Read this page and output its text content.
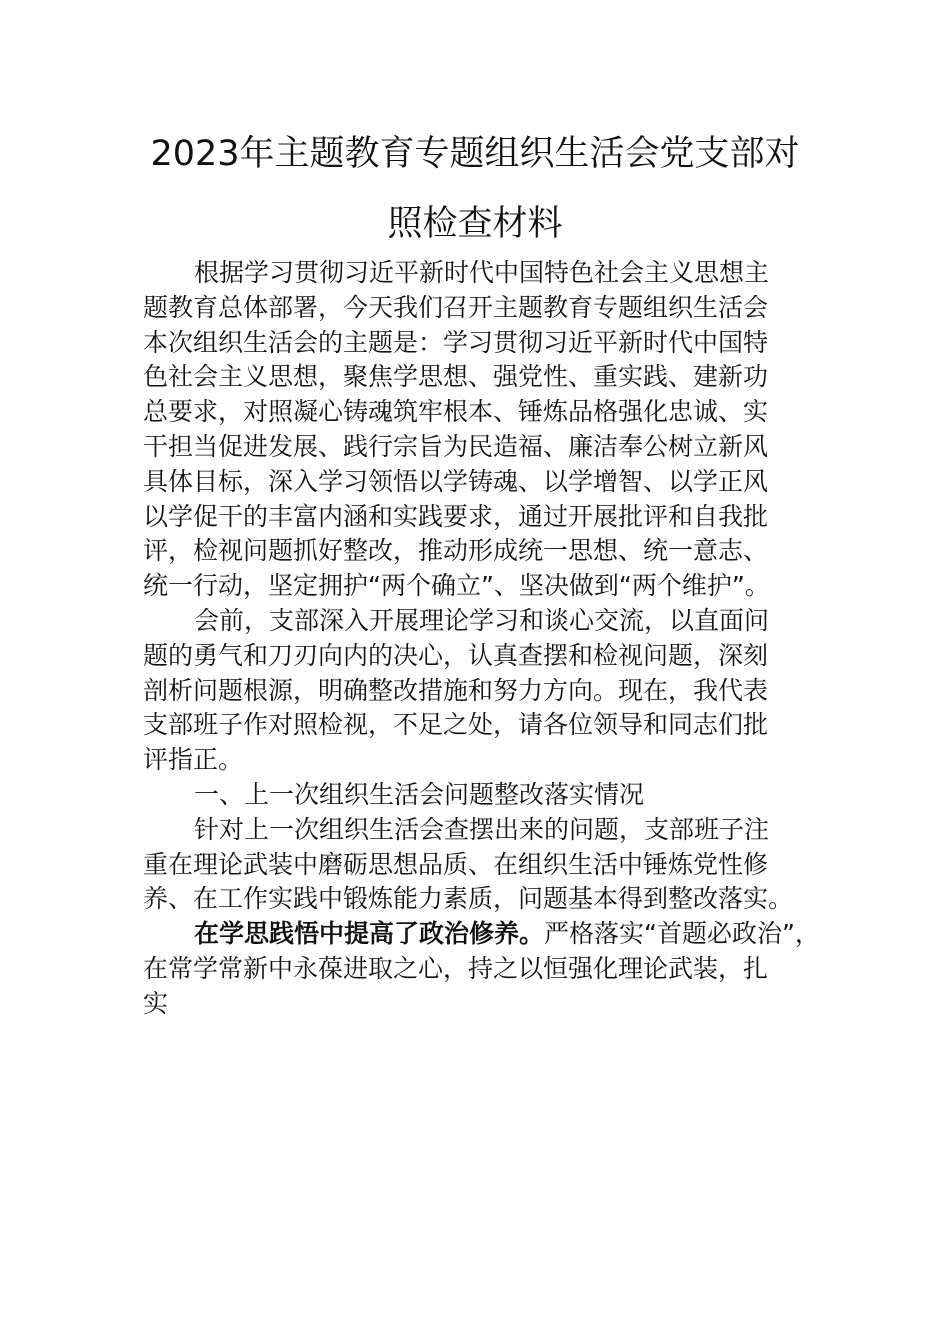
2023年主题教育专题组织生活会党支部对
照检查材料
根据学习贯彻习近平新时代中国特色社会主义思想主
题教育总体部署，今天我们召开主题教育专题组织生活会
本次组织生活会的主题是：学习贯彻习近平新时代中国特
色社会主义思想，聚焦学思想、强党性、重实践、建新功
总要求，对照凝心铸魂筑牢根本、锤炼品格强化忠诚、实
干担当促进发展、践行宗旨为民造福、廉洁奉公树立新风
具体目标，深入学习领悟以学铸魂、以学增智、以学正风
以学促干的丰富内涵和实践要求，通过开展批评和自我批
评，检视问题抓好整改，推动形成统一思想、统一意志、
统一行动，坚定拥护“两个确立”、坚决做到“两个维护”。
会前，支部深入开展理论学习和谈心交流，以直面问
题的勇气和刀刃向内的决心，认真查摆和检视问题，深刻
剖析问题根源，明确整改措施和努力方向。现在，我代表
支部班子作对照检视，不足之处，请各位领导和同志们批
评指正。
一、上一次组织生活会问题整改落实情况
针对上一次组织生活会查摆出来的问题，支部班子注
重在理论武装中磨砺思想品质、在组织生活中锤炼党性修
养、在工作实践中锻炼能力素质，问题基本得到整改落实。
在学思践悟中提高了政治修养。严格落实“首题必政治”，
在常学常新中永葆进取之心，持之以恒强化理论武装，扎
实
